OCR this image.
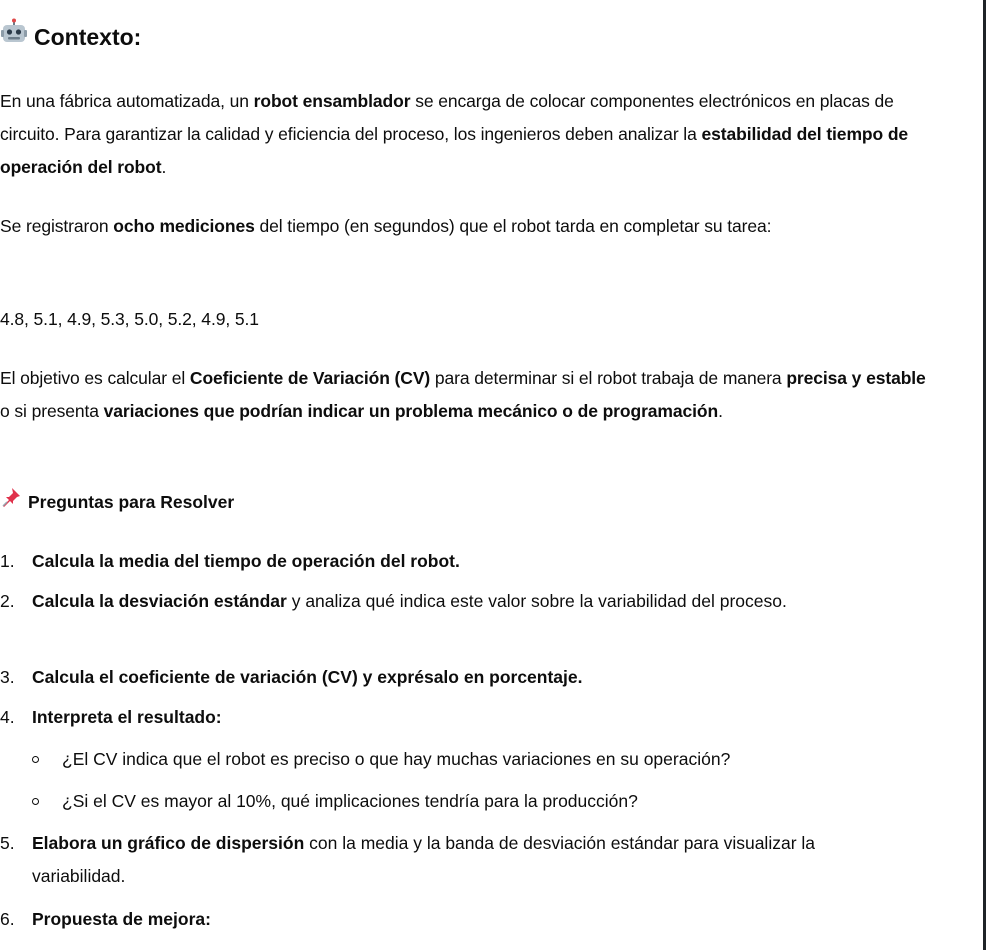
Contexto:

En una fábrica automatizada, un robot ensamblador se encarga de colocar componentes electrónicos en placas de circuito. Para garantizar la calidad y eficiencia del proceso, los ingenieros deben analizar la estabilidad del tiempo de operación del robot.

Se registraron ocho mediciones del tiempo (en segundos) que el robot tarda en completar su tarea:

4.8, 5.1, 4.9, 5.3, 5.0, 5.2, 4.9, 5.1

El objetivo es calcular el Coeficiente de Variación (CV) para determinar si el robot trabaja de manera precisa y estable o si presenta variaciones que podrían indicar un problema mecánico o de programación.

Preguntas para Resolver
1. Calcula la media del tiempo de operación del robot.
2. Calcula la desviación estándar y analiza qué indica este valor sobre la variabilidad del proceso.
3. Calcula el coeficiente de variación (CV) y exprésalo en porcentaje.
4. Interpreta el resultado:
¿El CV indica que el robot es preciso o que hay muchas variaciones en su operación?
¿Si el CV es mayor al 10%, qué implicaciones tendría para la producción?
5. Elabora un gráfico de dispersión con la media y la banda de desviación estándar para visualizar la variabilidad.
6. Propuesta de mejora:
